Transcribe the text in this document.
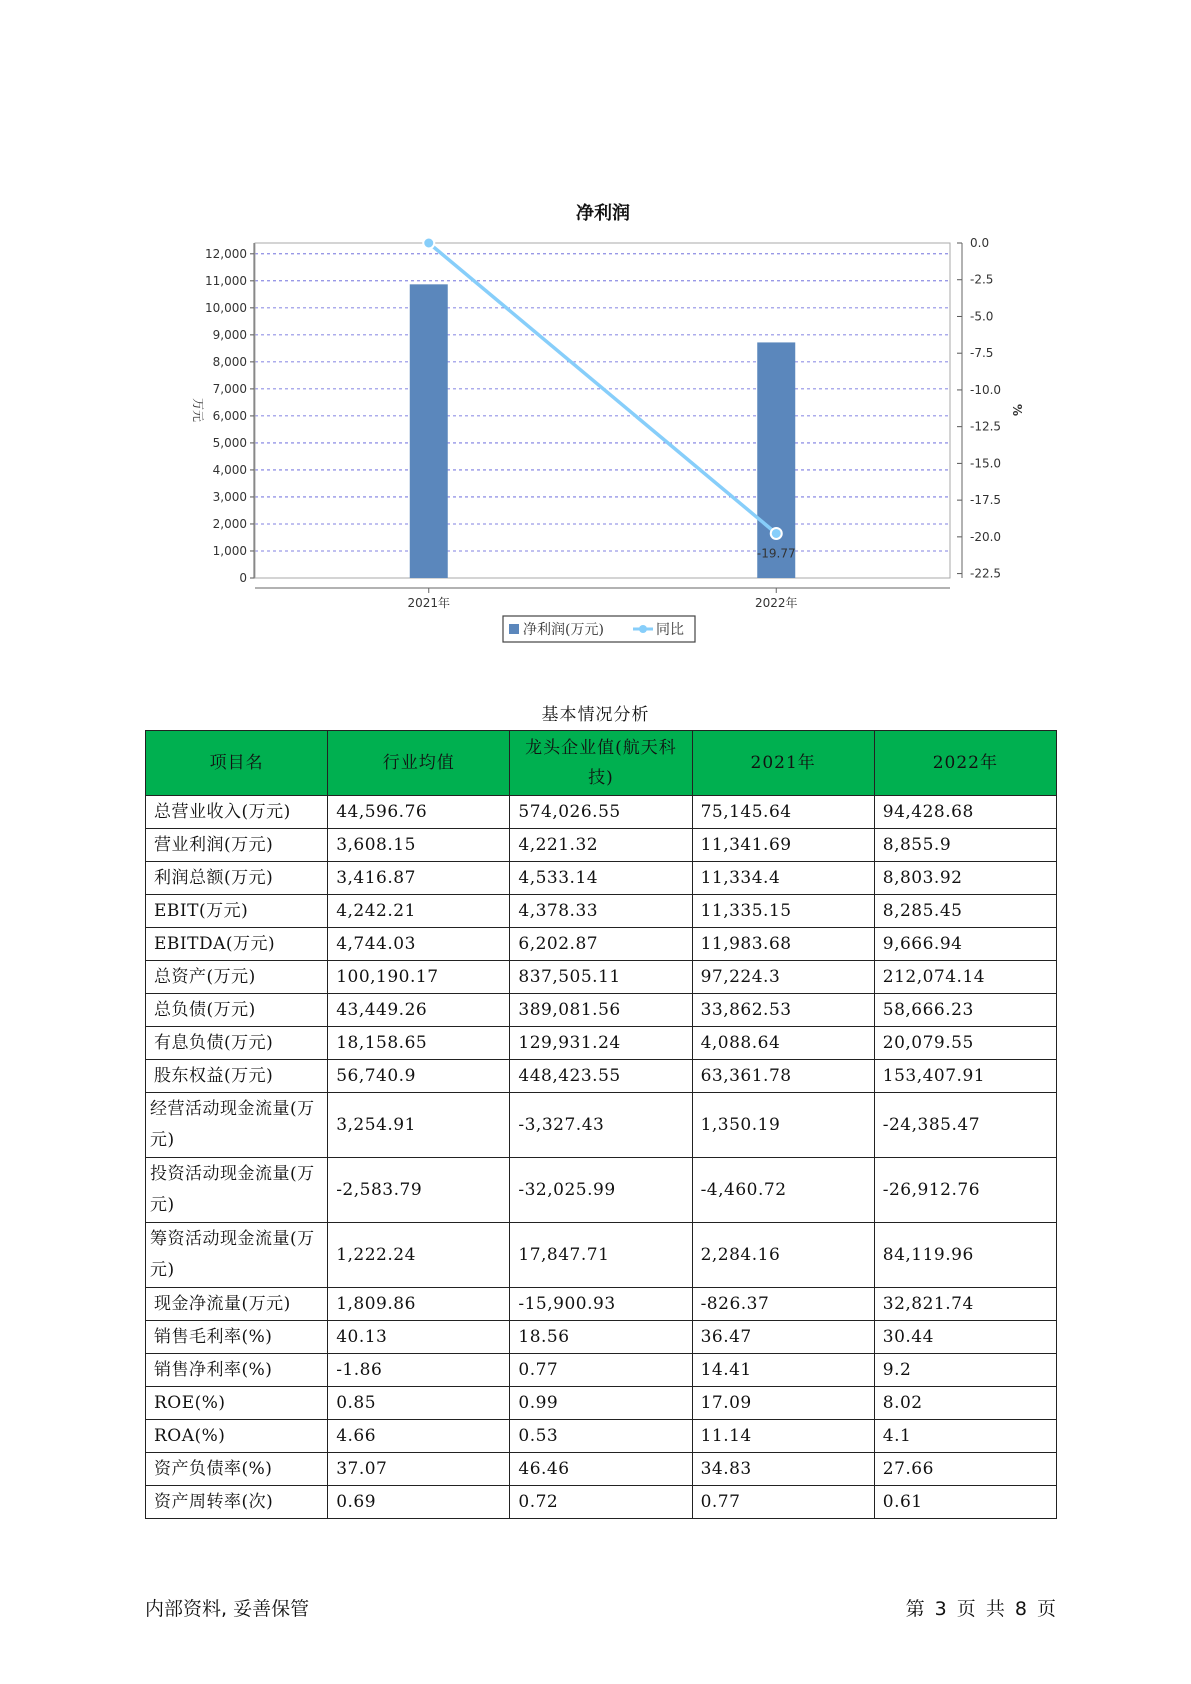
净利润
0
1,000
2,000
3,000
4,000
5,000
6,000
7,000
8,000
9,000
10,000
11,000
12,000
0.0
-2.5
-5.0
-7.5
-10.0
-12.5
-15.0
-17.5
-20.0
-22.5
万元	%
2021年	2022年
-19.77
净利润(万元)	同比
基本情况分析
项目名	行业均值	龙头企业值(航天科技)	2021年	2022年
总营业收入(万元)	44,596.76	574,026.55	75,145.64	94,428.68
营业利润(万元)	3,608.15	4,221.32	11,341.69	8,855.9
利润总额(万元)	3,416.87	4,533.14	11,334.4	8,803.92
EBIT(万元)	4,242.21	4,378.33	11,335.15	8,285.45
EBITDA(万元)	4,744.03	6,202.87	11,983.68	9,666.94
总资产(万元)	100,190.17	837,505.11	97,224.3	212,074.14
总负债(万元)	43,449.26	389,081.56	33,862.53	58,666.23
有息负债(万元)	18,158.65	129,931.24	4,088.64	20,079.55
股东权益(万元)	56,740.9	448,423.55	63,361.78	153,407.91
经营活动现金流量(万元)	3,254.91	-3,327.43	1,350.19	-24,385.47
投资活动现金流量(万元)	-2,583.79	-32,025.99	-4,460.72	-26,912.76
筹资活动现金流量(万元)	1,222.24	17,847.71	2,284.16	84,119.96
现金净流量(万元)	1,809.86	-15,900.93	-826.37	32,821.74
销售毛利率(%)	40.13	18.56	36.47	30.44
销售净利率(%)	-1.86	0.77	14.41	9.2
ROE(%)	0.85	0.99	17.09	8.02
ROA(%)	4.66	0.53	11.14	4.1
资产负债率(%)	37.07	46.46	34.83	27.66
资产周转率(次)	0.69	0.72	0.77	0.61
内部资料, 妥善保管	第 3 页 共 8 页
